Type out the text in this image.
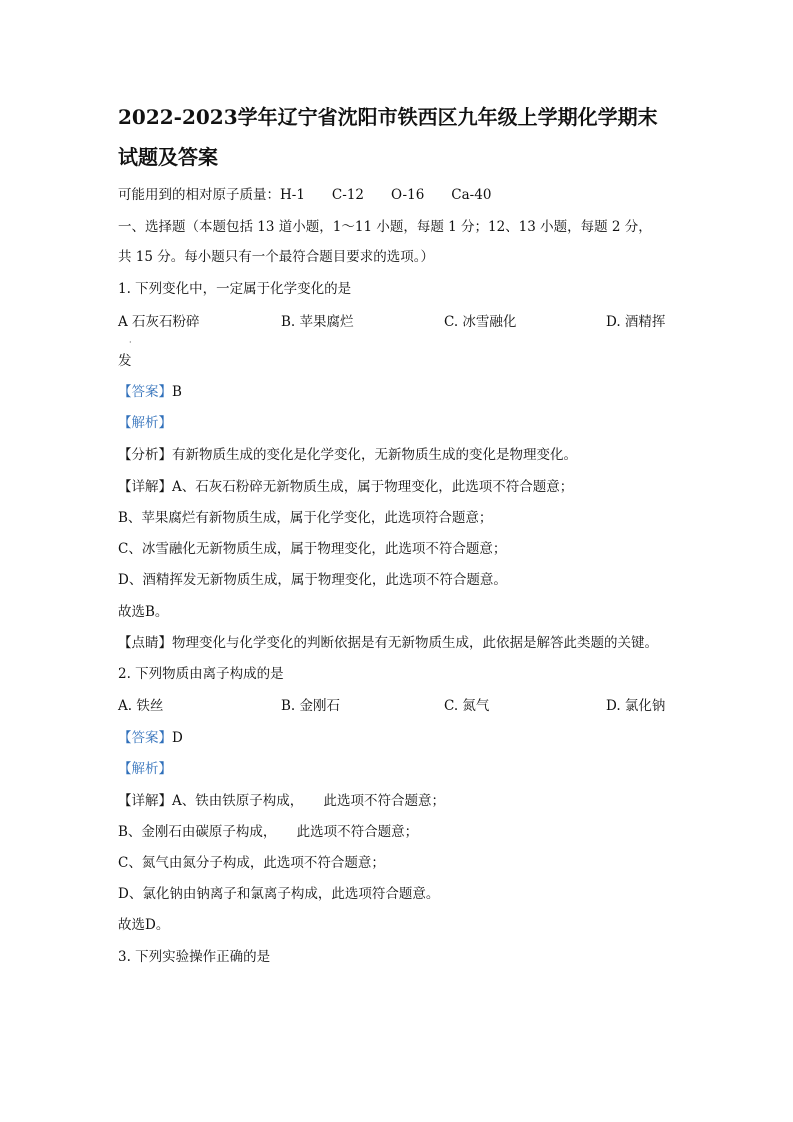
2022-2023学年辽宁省沈阳市铁西区九年级上学期化学期末
试题及答案
可能用到的相对原子质量：H-1　　C-12　　O-16　　Ca-40
一、选择题（本题包括 13 道小题，1～11 小题，每题 1 分；12、13 小题，每题 2 分，
共 15 分。每小题只有一个最符合题目要求的选项。）
1. 下列变化中，一定属于化学变化的是
A 石灰石粉碎	B. 苹果腐烂	C. 冰雪融化	D. 酒精挥
·
发
【答案】B
【解析】
【分析】有新物质生成的变化是化学变化，无新物质生成的变化是物理变化。
【详解】A、石灰石粉碎无新物质生成，属于物理变化，此选项不符合题意；
B、苹果腐烂有新物质生成，属于化学变化，此选项符合题意；
C、冰雪融化无新物质生成，属于物理变化，此选项不符合题意；
D、酒精挥发无新物质生成，属于物理变化，此选项不符合题意。
故选B。
【点睛】物理变化与化学变化的判断依据是有无新物质生成，此依据是解答此类题的关键。
2. 下列物质由离子构成的是
A. 铁丝	B. 金刚石	C. 氮气	D. 氯化钠
【答案】D
【解析】
【详解】A、铁由铁原子构成，　　此选项不符合题意；
B、金刚石由碳原子构成，　　此选项不符合题意；
C、氮气由氮分子构成，此选项不符合题意；
D、氯化钠由钠离子和氯离子构成，此选项符合题意。
故选D。
3. 下列实验操作正确的是
